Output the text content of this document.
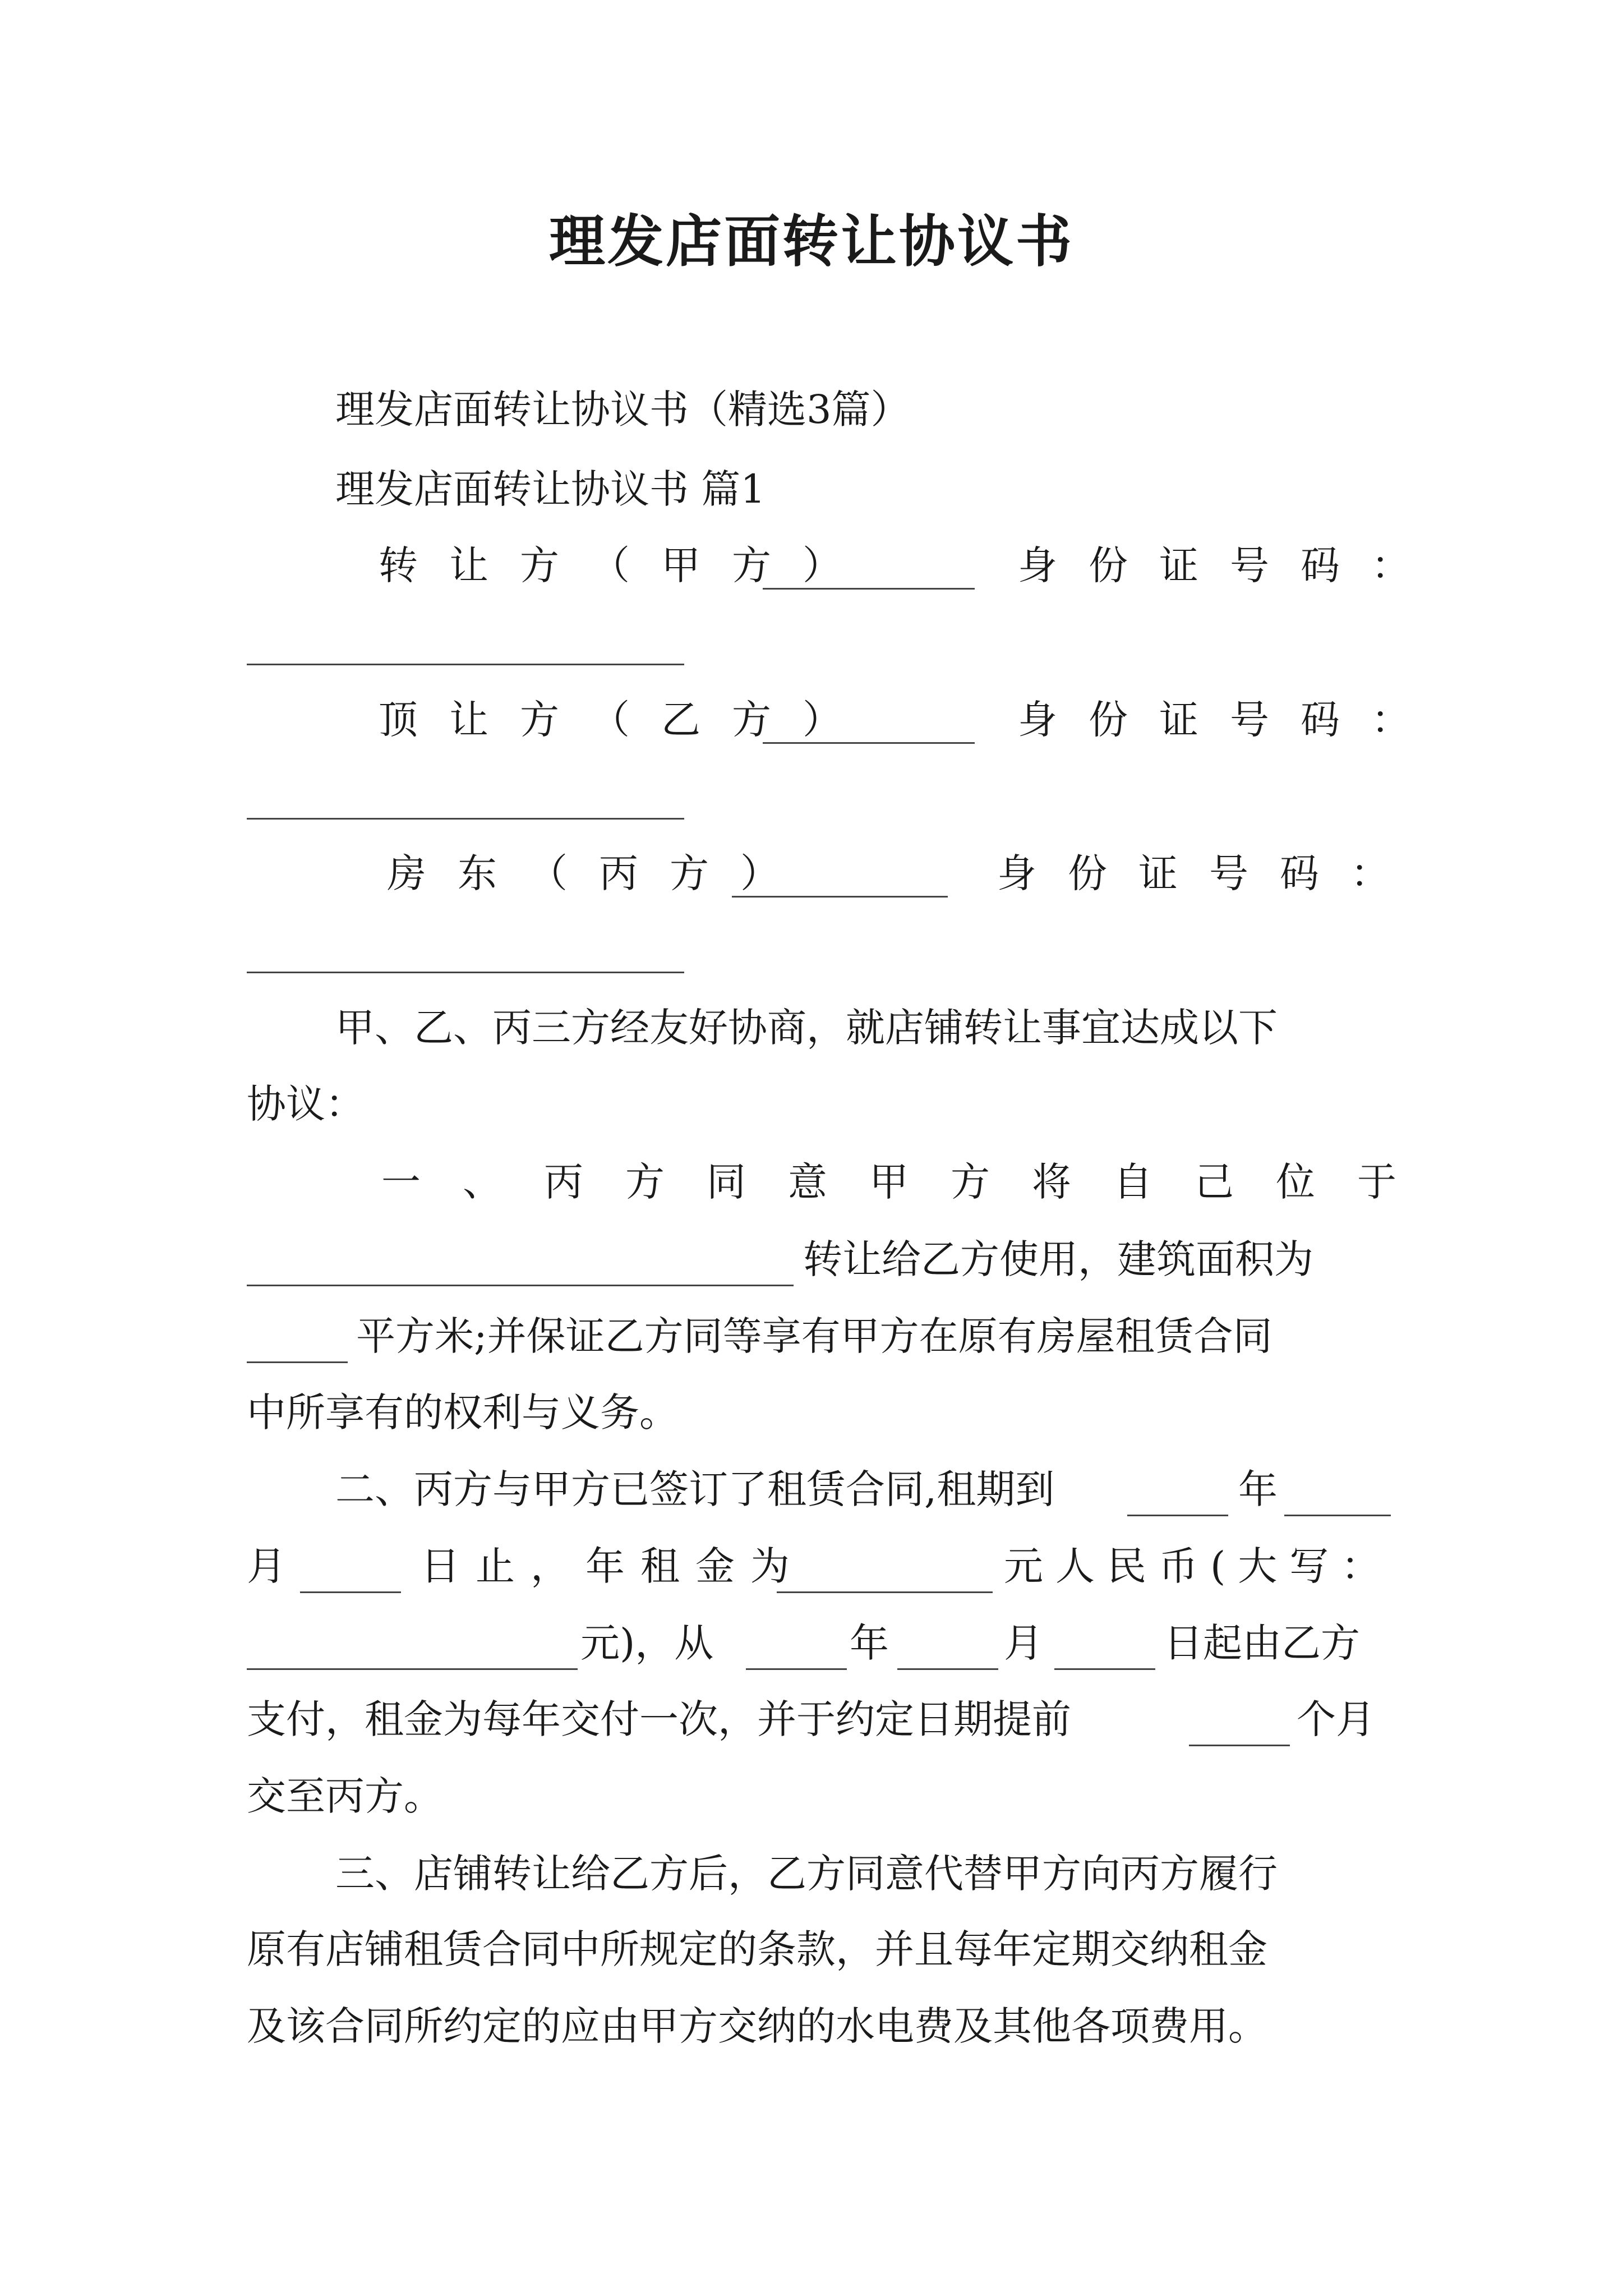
理发店面转让协议书
理发店面转让协议书（精选3篇）
理发店面转让协议书 篇1
转让方（甲方）	身份证号码：
顶让方（乙方）	身份证号码：
房东（丙方）	身份证号码：
甲、乙、丙三方经友好协商，就店铺转让事宜达成以下
协议：
一 、 丙 方 同 意 甲 方 将 自 己 位 于
转让给乙方使用，建筑面积为
平方米;并保证乙方同等享有甲方在原有房屋租赁合同
中所享有的权利与义务。
二、丙方与甲方已签订了租赁合同,租期到	年
月	日止，年租金为	元人民币(大写：
元)，从	年	月	日起由乙方
支付，租金为每年交付一次，并于约定日期提前	个月
交至丙方。
三、店铺转让给乙方后，乙方同意代替甲方向丙方履行
原有店铺租赁合同中所规定的条款，并且每年定期交纳租金
及该合同所约定的应由甲方交纳的水电费及其他各项费用。
